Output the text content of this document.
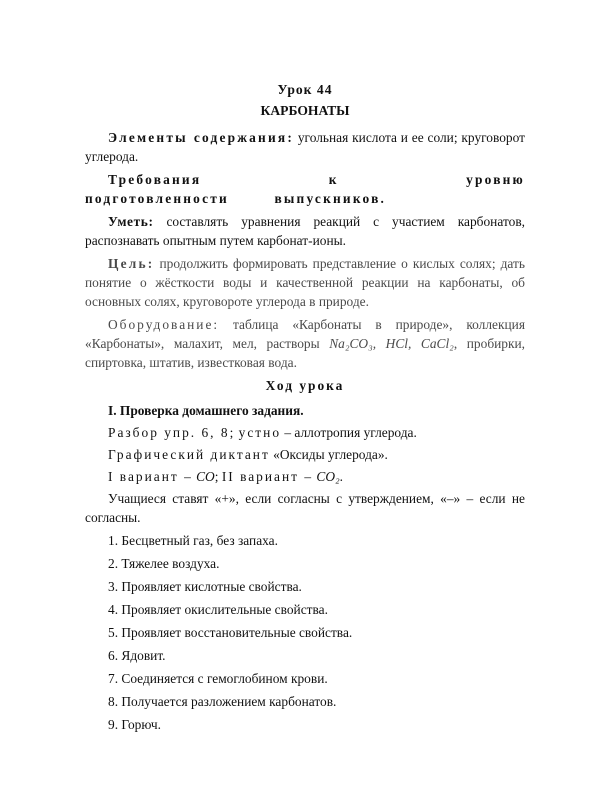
Урок 44

КАРБОНАТЫ

Элементы содержания: угольная кислота и ее соли; круговорот углерода.

Требования к уровню подготовленности выпускников.

Уметь: составлять уравнения реакций с участием карбонатов, распознавать опытным путем карбонат-ионы.

Цель: продолжить формировать представление о кислых солях; дать понятие о жёсткости воды и качественной реакции на карбонаты, об основных солях, круговороте углерода в природе.

Оборудование: таблица «Карбонаты в природе», коллекция «Карбонаты», малахит, мел, растворы Na₂CO₃, HCl, CaCl₂, пробирки, спиртовка, штатив, известковая вода.

Ход урока

I. Проверка домашнего задания.

Разбор упр. 6, 8; устно – аллотропия углерода.

Графический диктант «Оксиды углерода».

I вариант – CO; II вариант – CO₂.

Учащиеся ставят «+», если согласны с утверждением, «–» – если не согласны.

1. Бесцветный газ, без запаха.
2. Тяжелее воздуха.
3. Проявляет кислотные свойства.
4. Проявляет окислительные свойства.
5. Проявляет восстановительные свойства.
6. Ядовит.
7. Соединяется с гемоглобином крови.
8. Получается разложением карбонатов.
9. Горюч.
